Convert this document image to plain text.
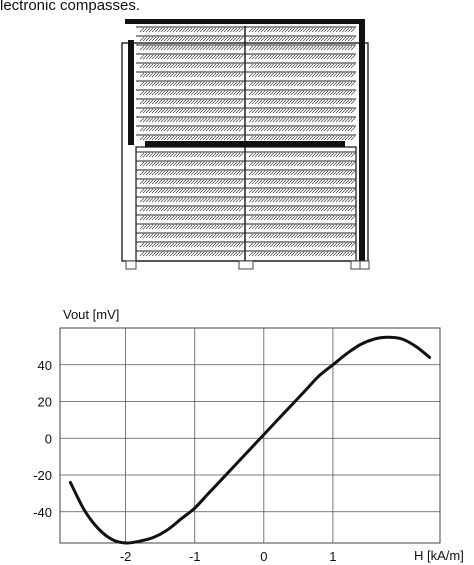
lectronic compasses.
-2	-1	0	1
40
20
0
-20
-40
Vout [mV]
H [kA/m]
